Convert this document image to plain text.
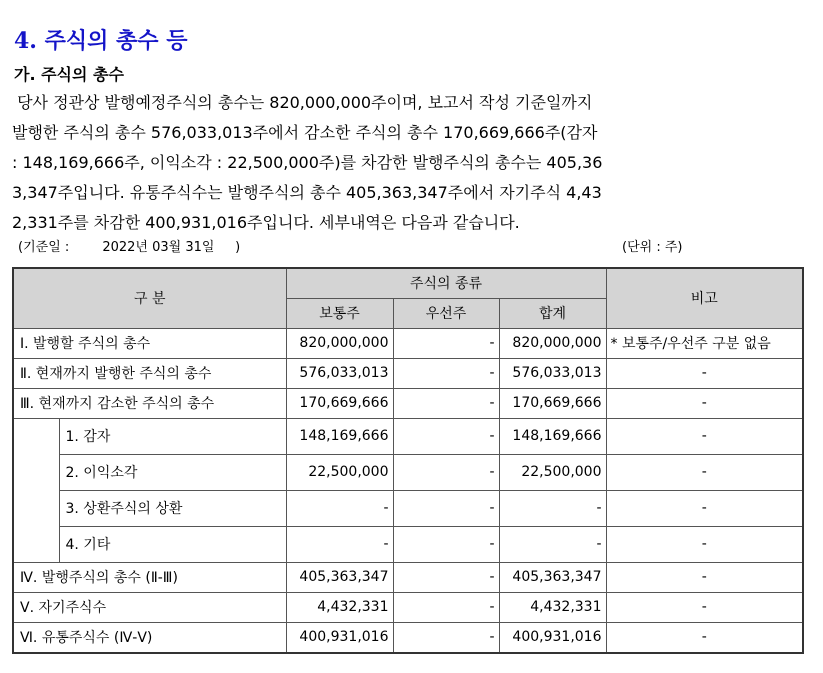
4. 주식의 총수 등
가. 주식의 총수

당사 정관상 발행예정주식의 총수는 820,000,000주이며, 보고서 작성 기준일까지
발행한 주식의 총수 576,033,013주에서 감소한 주식의 총수 170,669,666주(감자
: 148,169,666주, 이익소각 : 22,500,000주)를 차감한 발행주식의 총수는 405,36
3,347주입니다. 유통주식수는 발행주식의 총수 405,363,347주에서 자기주식 4,43
2,331주를 차감한 400,931,016주입니다. 세부내역은 다음과 같습니다.

(기준일 :        2022년 03월 31일     )	(단위 : 주)
구 분		주식의 종류			비고
		보통주	우선주	합계	
Ⅰ. 발행할 주식의 총수		820,000,000	-	820,000,000	* 보통주/우선주 구분 없음
Ⅱ. 현재까지 발행한 주식의 총수		576,033,013	-	576,033,013	-
Ⅲ. 현재까지 감소한 주식의 총수		170,669,666	-	170,669,666	-
	1. 감자	148,169,666	-	148,169,666	-
	2. 이익소각	22,500,000	-	22,500,000	-
	3. 상환주식의 상환	-	-	-	-
	4. 기타	-	-	-	-
Ⅳ. 발행주식의 총수 (Ⅱ-Ⅲ)		405,363,347	-	405,363,347	-
Ⅴ. 자기주식수		4,432,331	-	4,432,331	-
Ⅵ. 유통주식수 (Ⅳ-Ⅴ)		400,931,016	-	400,931,016	-
